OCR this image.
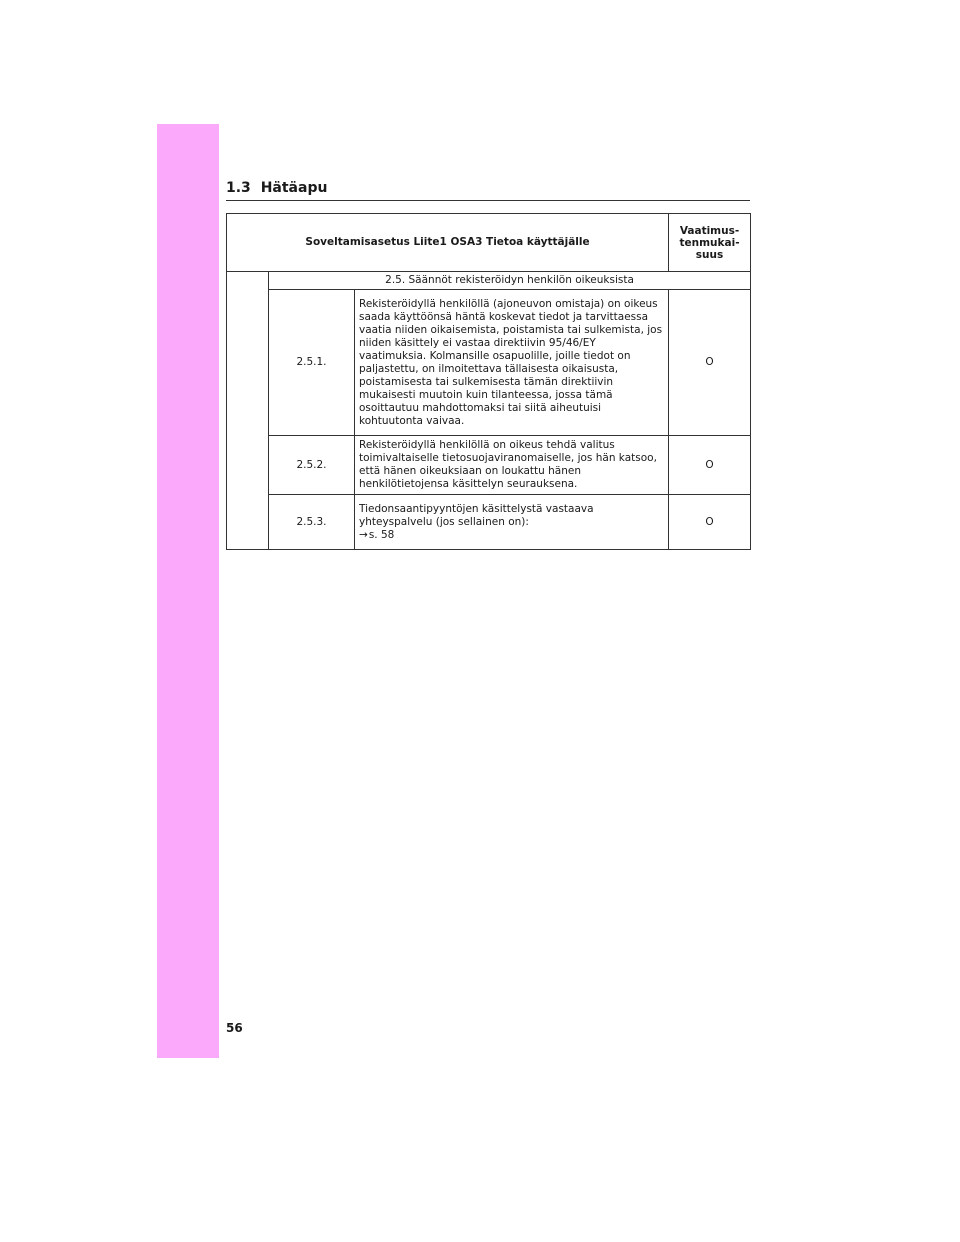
1.3 Hätäapu
Soveltamisasetus Liite1 OSA3 Tietoa käyttäjälle			Vaatimus-
tenmukai-
suus
	2.5. Säännöt rekisteröidyn henkilön oikeuksista		
	2.5.1.	Rekisteröidyllä henkilöllä (ajoneuvon omistaja) on oikeus saada käyttöönsä häntä koskevat tiedot ja tarvittaessa vaatia niiden oikaisemista, poistamista tai sulkemista, jos niiden käsittely ei vastaa direktiivin 95/46/EY vaatimuksia. Kolmansille osapuolille, joille tiedot on paljastettu, on ilmoitettava tällaisesta oikaisusta, poistamisesta tai sulkemisesta tämän direktiivin mukaisesti muutoin kuin tilanteessa, jossa tämä osoittautuu mahdottomaksi tai siitä aiheutuisi kohtuutonta vaivaa.	O
	2.5.2.	Rekisteröidyllä henkilöllä on oikeus tehdä valitus toimivaltaiselle tietosuojaviranomaiselle, jos hän katsoo, että hänen oikeuksiaan on loukattu hänen henkilötietojensa käsittelyn seurauksena.	O
	2.5.3.	Tiedonsaantipyyntöjen käsittelystä vastaava yhteyspalvelu (jos sellainen on):
→s. 58	O
56
